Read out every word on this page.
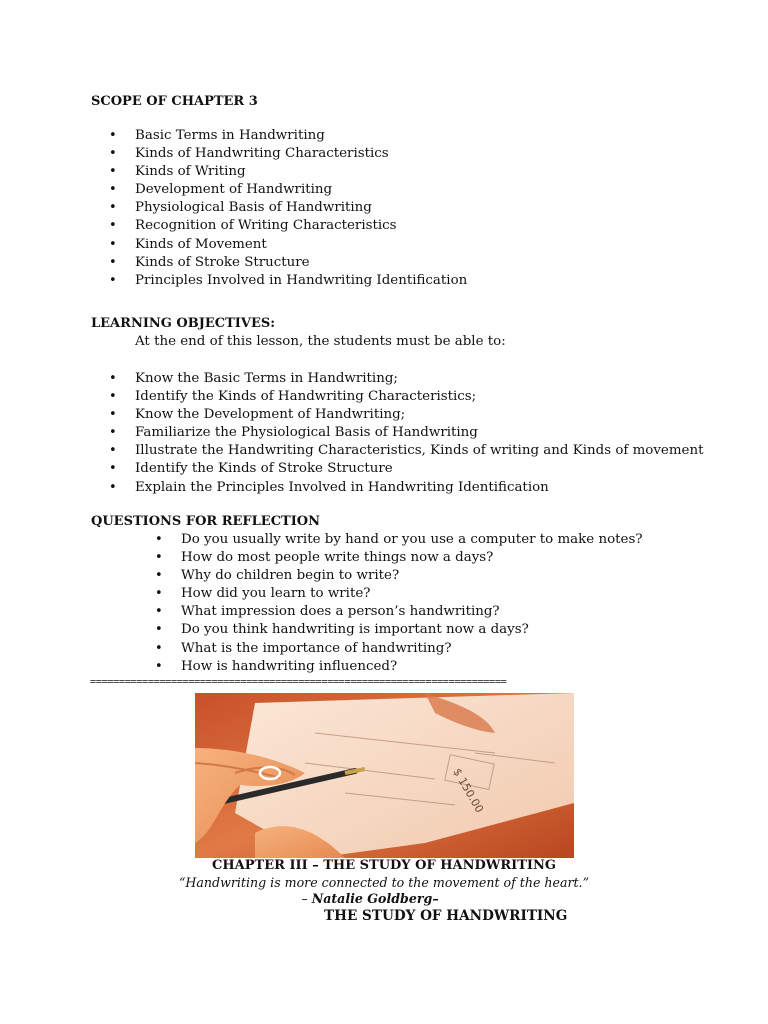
SCOPE OF CHAPTER 3
• Basic Terms in Handwriting
• Kinds of Handwriting Characteristics
• Kinds of Writing
• Development of Handwriting
• Physiological Basis of Handwriting
• Recognition of Writing Characteristics
• Kinds of Movement
• Kinds of Stroke Structure
• Principles Involved in Handwriting Identification
LEARNING OBJECTIVES:
At the end of this lesson, the students must be able to:
• Know the Basic Terms in Handwriting;
• Identify the Kinds of Handwriting Characteristics;
• Know the Development of Handwriting;
• Familiarize the Physiological Basis of Handwriting
• Illustrate the Handwriting Characteristics, Kinds of writing and Kinds of movement
• Identify the Kinds of Stroke Structure
• Explain the Principles Involved in Handwriting Identification
QUESTIONS FOR REFLECTION
• Do you usually write by hand or you use a computer to make notes?
• How do most people write things now a days?
• Why do children begin to write?
• How did you learn to write?
• What impression does a person’s handwriting?
• Do you think handwriting is important now a days?
• What is the importance of handwriting?
• How is handwriting influenced?
========================================================================
$ 150.00
CHAPTER III – THE STUDY OF HANDWRITING
“Handwriting is more connected to the movement of the heart.”
– Natalie Goldberg–
THE STUDY OF HANDWRITING
